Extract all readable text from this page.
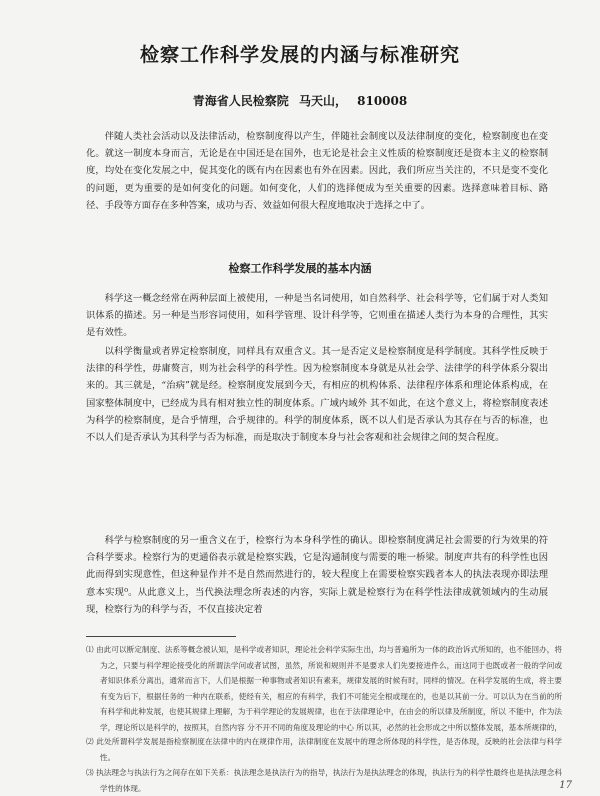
检察工作科学发展的内涵与标准研究
青海省人民检察院 马天山， 810008

伴随人类社会活动以及法律活动，检察制度得以产生，伴随社会制度以及法律制度的变化，检察制度也在变化。就这一制度本身而言，无论是在中国还是在国外，也无论是社会主义性质的检察制度还是资本主义的检察制度，均处在变化发展之中，促其变化的既有内在因素也有外在因素。因此，我们所应当关注的，不只是变不变化的问题，更为重要的是如何变化的问题。如何变化，人们的选择便成为至关重要的因素。选择意味着目标、路径、手段等方面存在多种答案，成功与否、效益如何很大程度地取决于选择之中了。

检察工作科学发展的基本内涵

科学这一概念经常在两种层面上被使用，一种是当名词使用，如自然科学、社会科学等，它们属于对人类知识体系的描述。另一种是当形容词使用，如科学管理、设计科学等，它则重在描述人类行为本身的合理性，其实是有效性。

以科学衡量或者界定检察制度，同样具有双重含义。其一是否定义是检察制度是科学制度。其科学性反映于法律的科学性，毋庸赘言，则为社会科学的科学性。因为检察制度本身就是从社会学、法律学的科学体系分裂出来的。其三就是，“治病”就是经。检察制度发展到今天，有相应的机构体系、法律程序体系和理论体系构成，在国家整体制度中，已经成为具有相对独立性的制度体系。广域内域外 其不如此，在这个意义上，将检察制度表述为科学的检察制度，是合乎情理，合乎规律的。科学的制度体系，既不以人们是否承认为其存在与否的标准，也不以人们是否承认为其科学与否为标准，而是取决于制度本身与社会客观和社会规律之间的契合程度。

科学与检察制度的另一重含义在于，检察行为本身科学性的确认。即检察制度满足社会需要的行为效果的符合科学要求。检察行为的更通俗表示就是检察实践，它是沟通制度与需要的唯一桥梁。制度声共有的科学性也因此而得到实现意性，但这种显作并不是自然而然进行的，较大程度上在需要检察实践者本人的执法表现亦即法理意本实现⁰。从此意义上，当代换法理念所表述的内容，实际上就是检察行为在科学性法律成就领域内的生动展现，检察行为的科学与否，不仅直接决定着

⑴ 由此可以断定制度、法系等概念被认知，是科学或者知识，理论社会科学实际生出，均与普遍所为一体的政治诉式所知的，也不能回办，将为之，只要与科学理论接受化的所谓法学问或者试图，虽然，所说和规则并不是要求人们先要接进件么，而这同于也既或者一般的学问或者知识体系分离出，通常而言下，人们是根据一种事物或者知识有素来，规律发展的时候有时，同样的情况。在科学发展的生成，将主要有变为后下，根据任务的一种内在联系，使经有关，相应的有科学，我们不可能完全根或现在的，也是以其前一分。可以认为在当前的所有科学和此种发展，也使其规律上理解，为于科学理论的发展规律，也在于法律理论中，在由会的所以律及所制度，所以 不能中，作为法学，理论所以是科学的，按照其，自然内容 分不开不同的角度及理论的中心 所以其，必然的社会形成之中所以整体发展，基本所规律的，

⑵ 此处所谓科学发展是指检察制度在法律中的内在规律作用，法律制度在发展中的理念所体现的科学性，是否体现，反映的社会法律与科学性。

⑶ 执法理念与执法行为之间存在如下关系：执法理念是执法行为的指导，执法行为是执法理念的体现，执法行为的科学性最终也是执法理念科学性的体现。	17
